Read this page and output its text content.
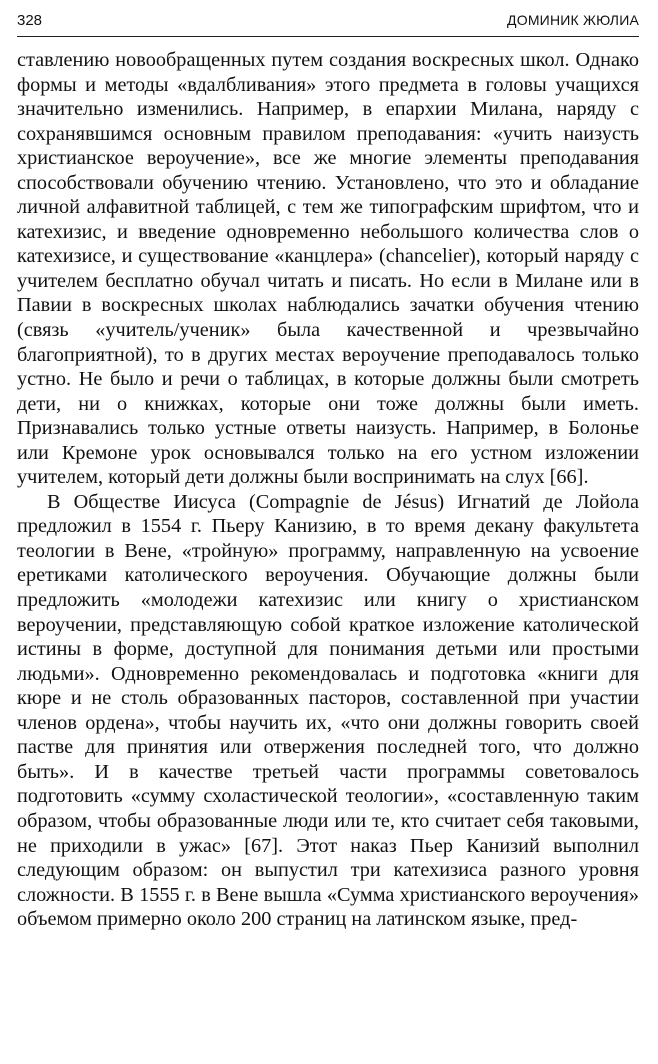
328	ДОМИНИК ЖЮЛИА

ставлению новообращенных путем создания воскресных школ. Однако формы и методы «вдалбливания» этого предмета в головы учащихся значительно изменились. Например, в епархии Милана, наряду с сохранявшимся основным правилом преподавания: «учить наизусть христианское вероучение», все же многие элементы преподавания способствовали обучению чтению. Установлено, что это и обладание личной алфавитной таблицей, с тем же типографским шрифтом, что и катехизис, и введение одновременно небольшого количества слов о катехизисе, и существование «канцлера» (chancelier), который наряду с учителем бесплатно обучал читать и писать. Но если в Милане или в Павии в воскресных школах наблюдались зачатки обучения чтению (связь «учитель/ученик» была качественной и чрезвычайно благоприятной), то в других местах вероучение преподавалось только устно. Не было и речи о таблицах, в которые должны были смотреть дети, ни о книжках, которые они тоже должны были иметь. Признавались только устные ответы наизусть. Например, в Болонье или Кремоне урок основывался только на его устном изложении учителем, который дети должны были воспринимать на слух [66].

В Обществе Иисуса (Compagnie de Jésus) Игнатий де Лойола предложил в 1554 г. Пьеру Канизию, в то время декану факультета теологии в Вене, «тройную» программу, направленную на усвоение еретиками католического вероучения. Обучающие должны были предложить «молодежи катехизис или книгу о христианском вероучении, представляющую собой краткое изложение католической истины в форме, доступной для понимания детьми или простыми людьми». Одновременно рекомендовалась и подготовка «книги для кюре и не столь образованных пасторов, составленной при участии членов ордена», чтобы научить их, «что они должны говорить своей пастве для принятия или отвержения последней того, что должно быть». И в качестве третьей части программы советовалось подготовить «сумму схоластической теологии», «составленную таким образом, чтобы образованные люди или те, кто считает себя таковыми, не приходили в ужас» [67]. Этот наказ Пьер Канизий выполнил следующим образом: он выпустил три катехизиса разного уровня сложности. В 1555 г. в Вене вышла «Сумма христианского вероучения» объемом примерно около 200 страниц на латинском языке, пред-
